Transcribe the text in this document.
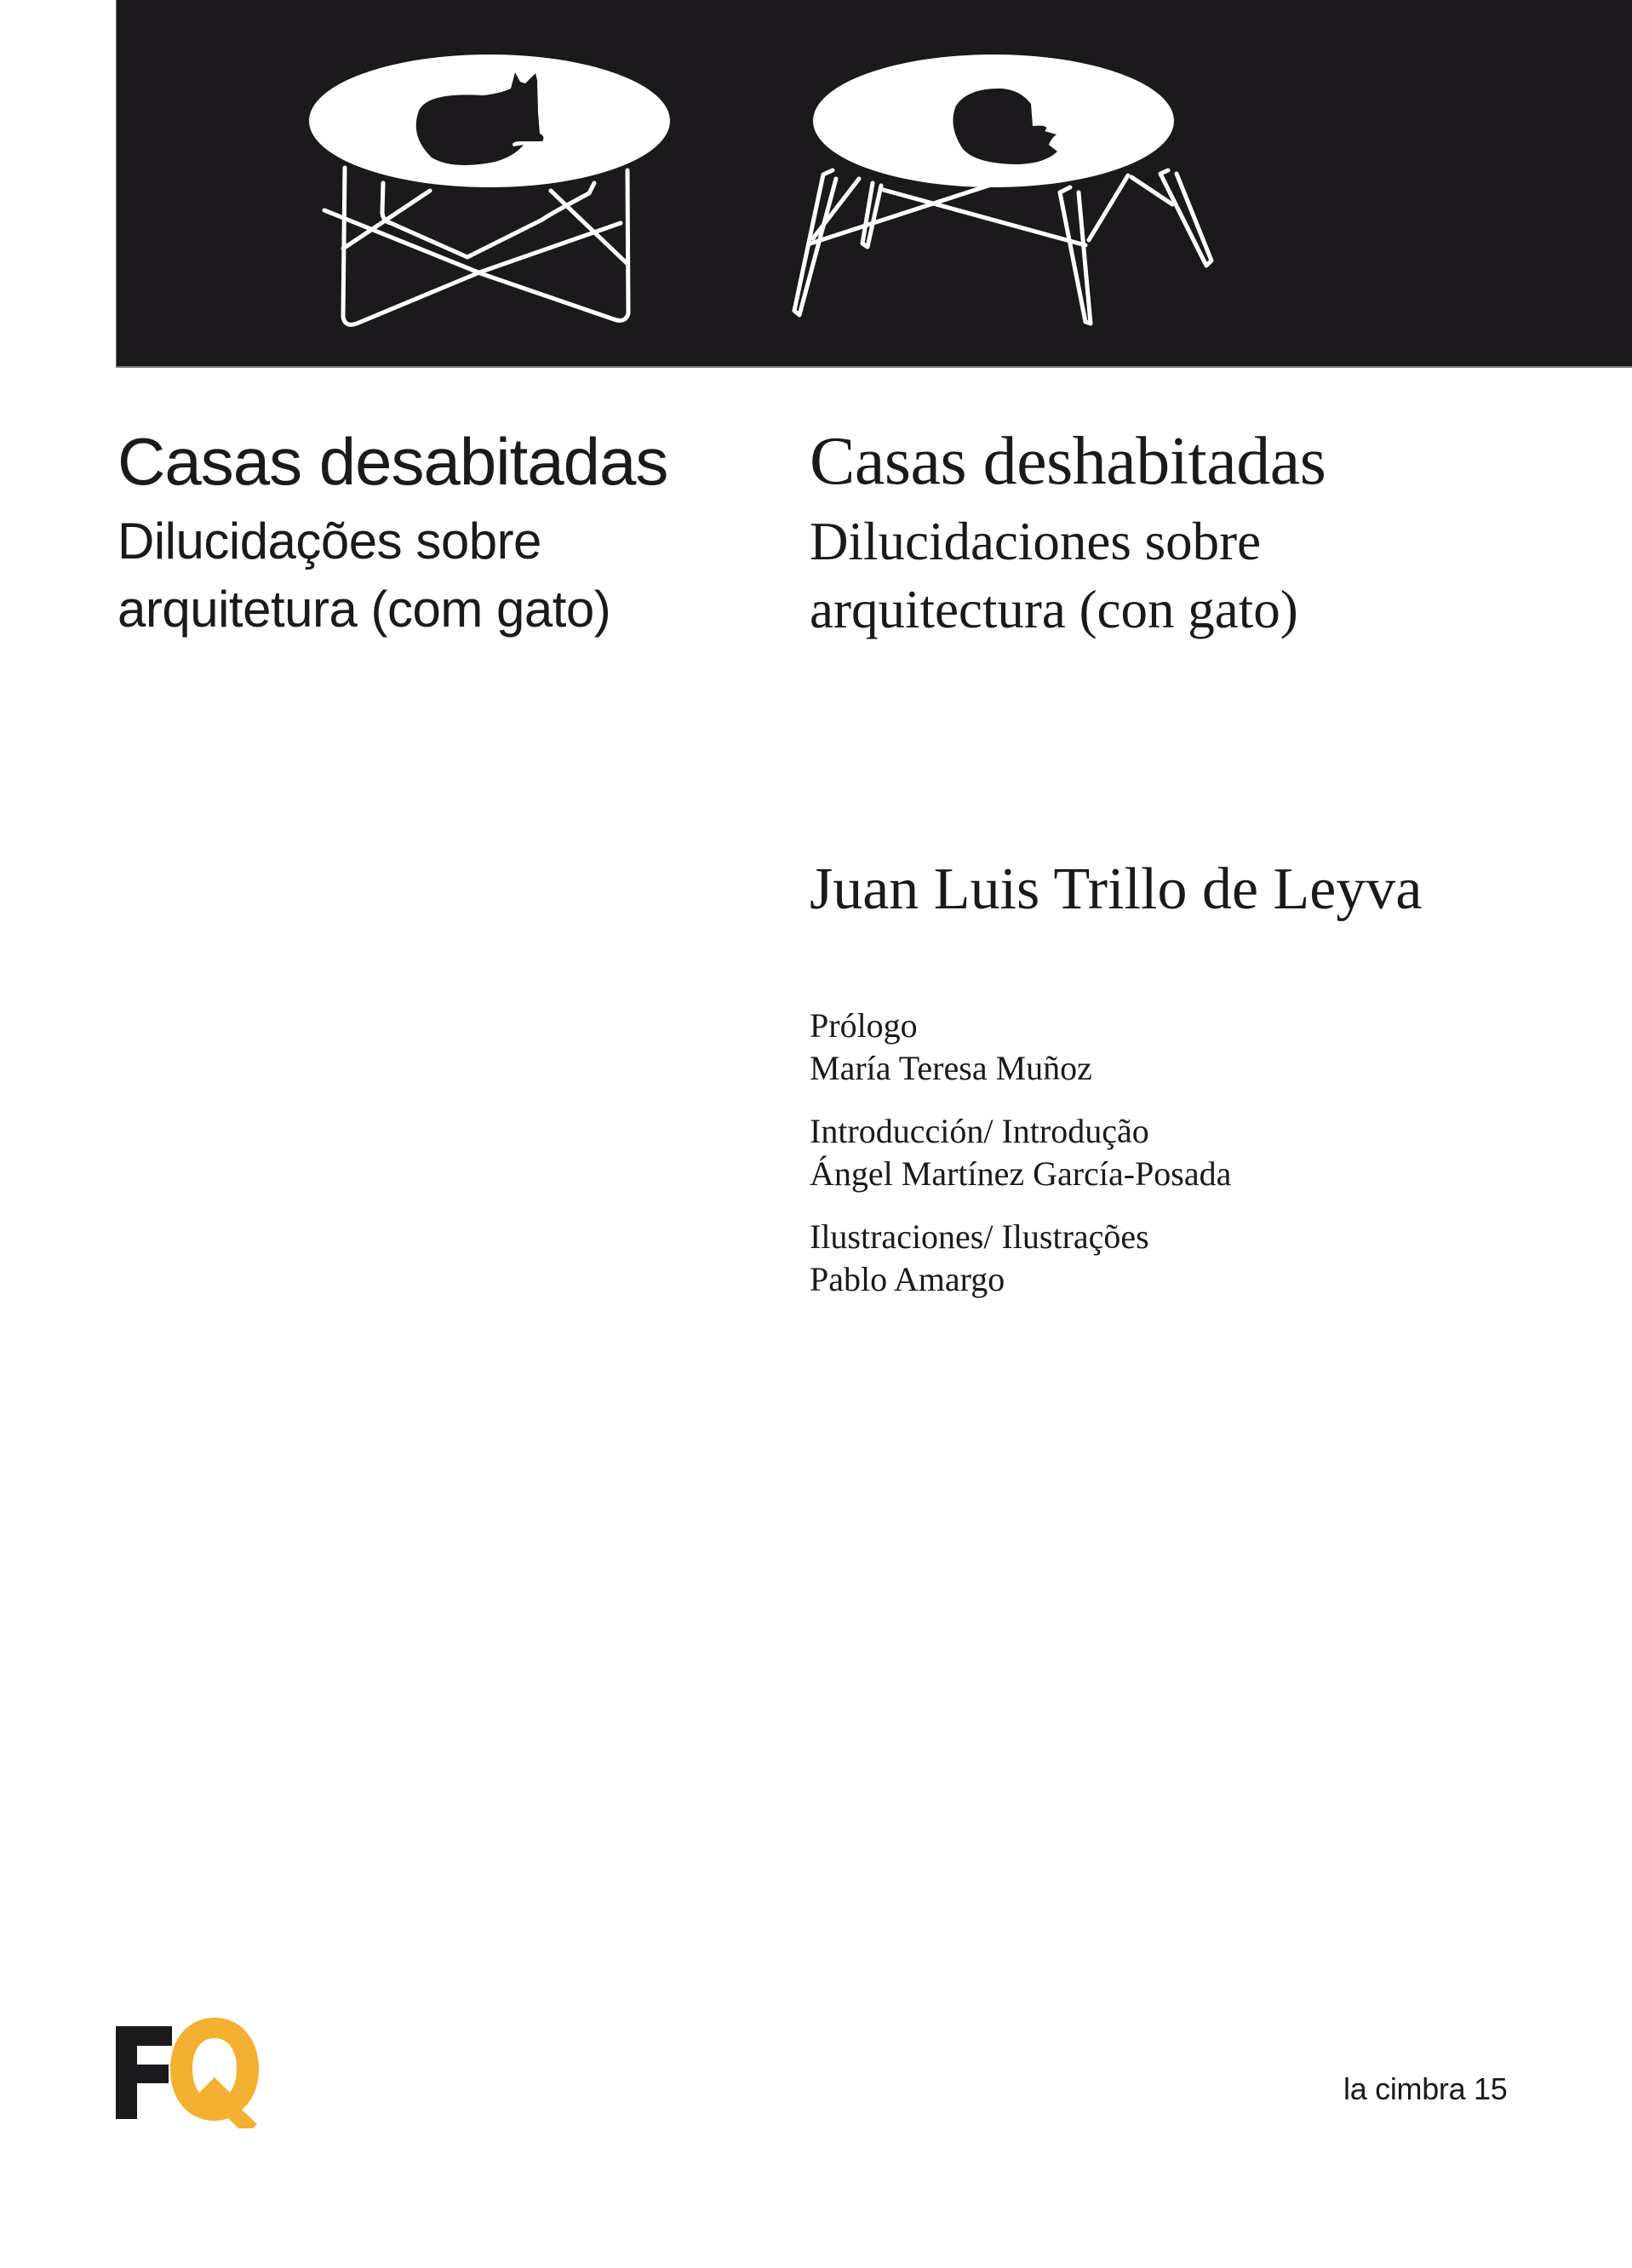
Casas desabitadas
Dilucidações sobre
arquitetura (com gato)
Casas deshabitadas
Dilucidaciones sobre
arquitectura (con gato)
Juan Luis Trillo de Leyva
Prólogo
María Teresa Muñoz
Introducción/ Introdução
Ángel Martínez García-Posada
Ilustraciones/ Ilustrações
Pablo Amargo
la cimbra 15
